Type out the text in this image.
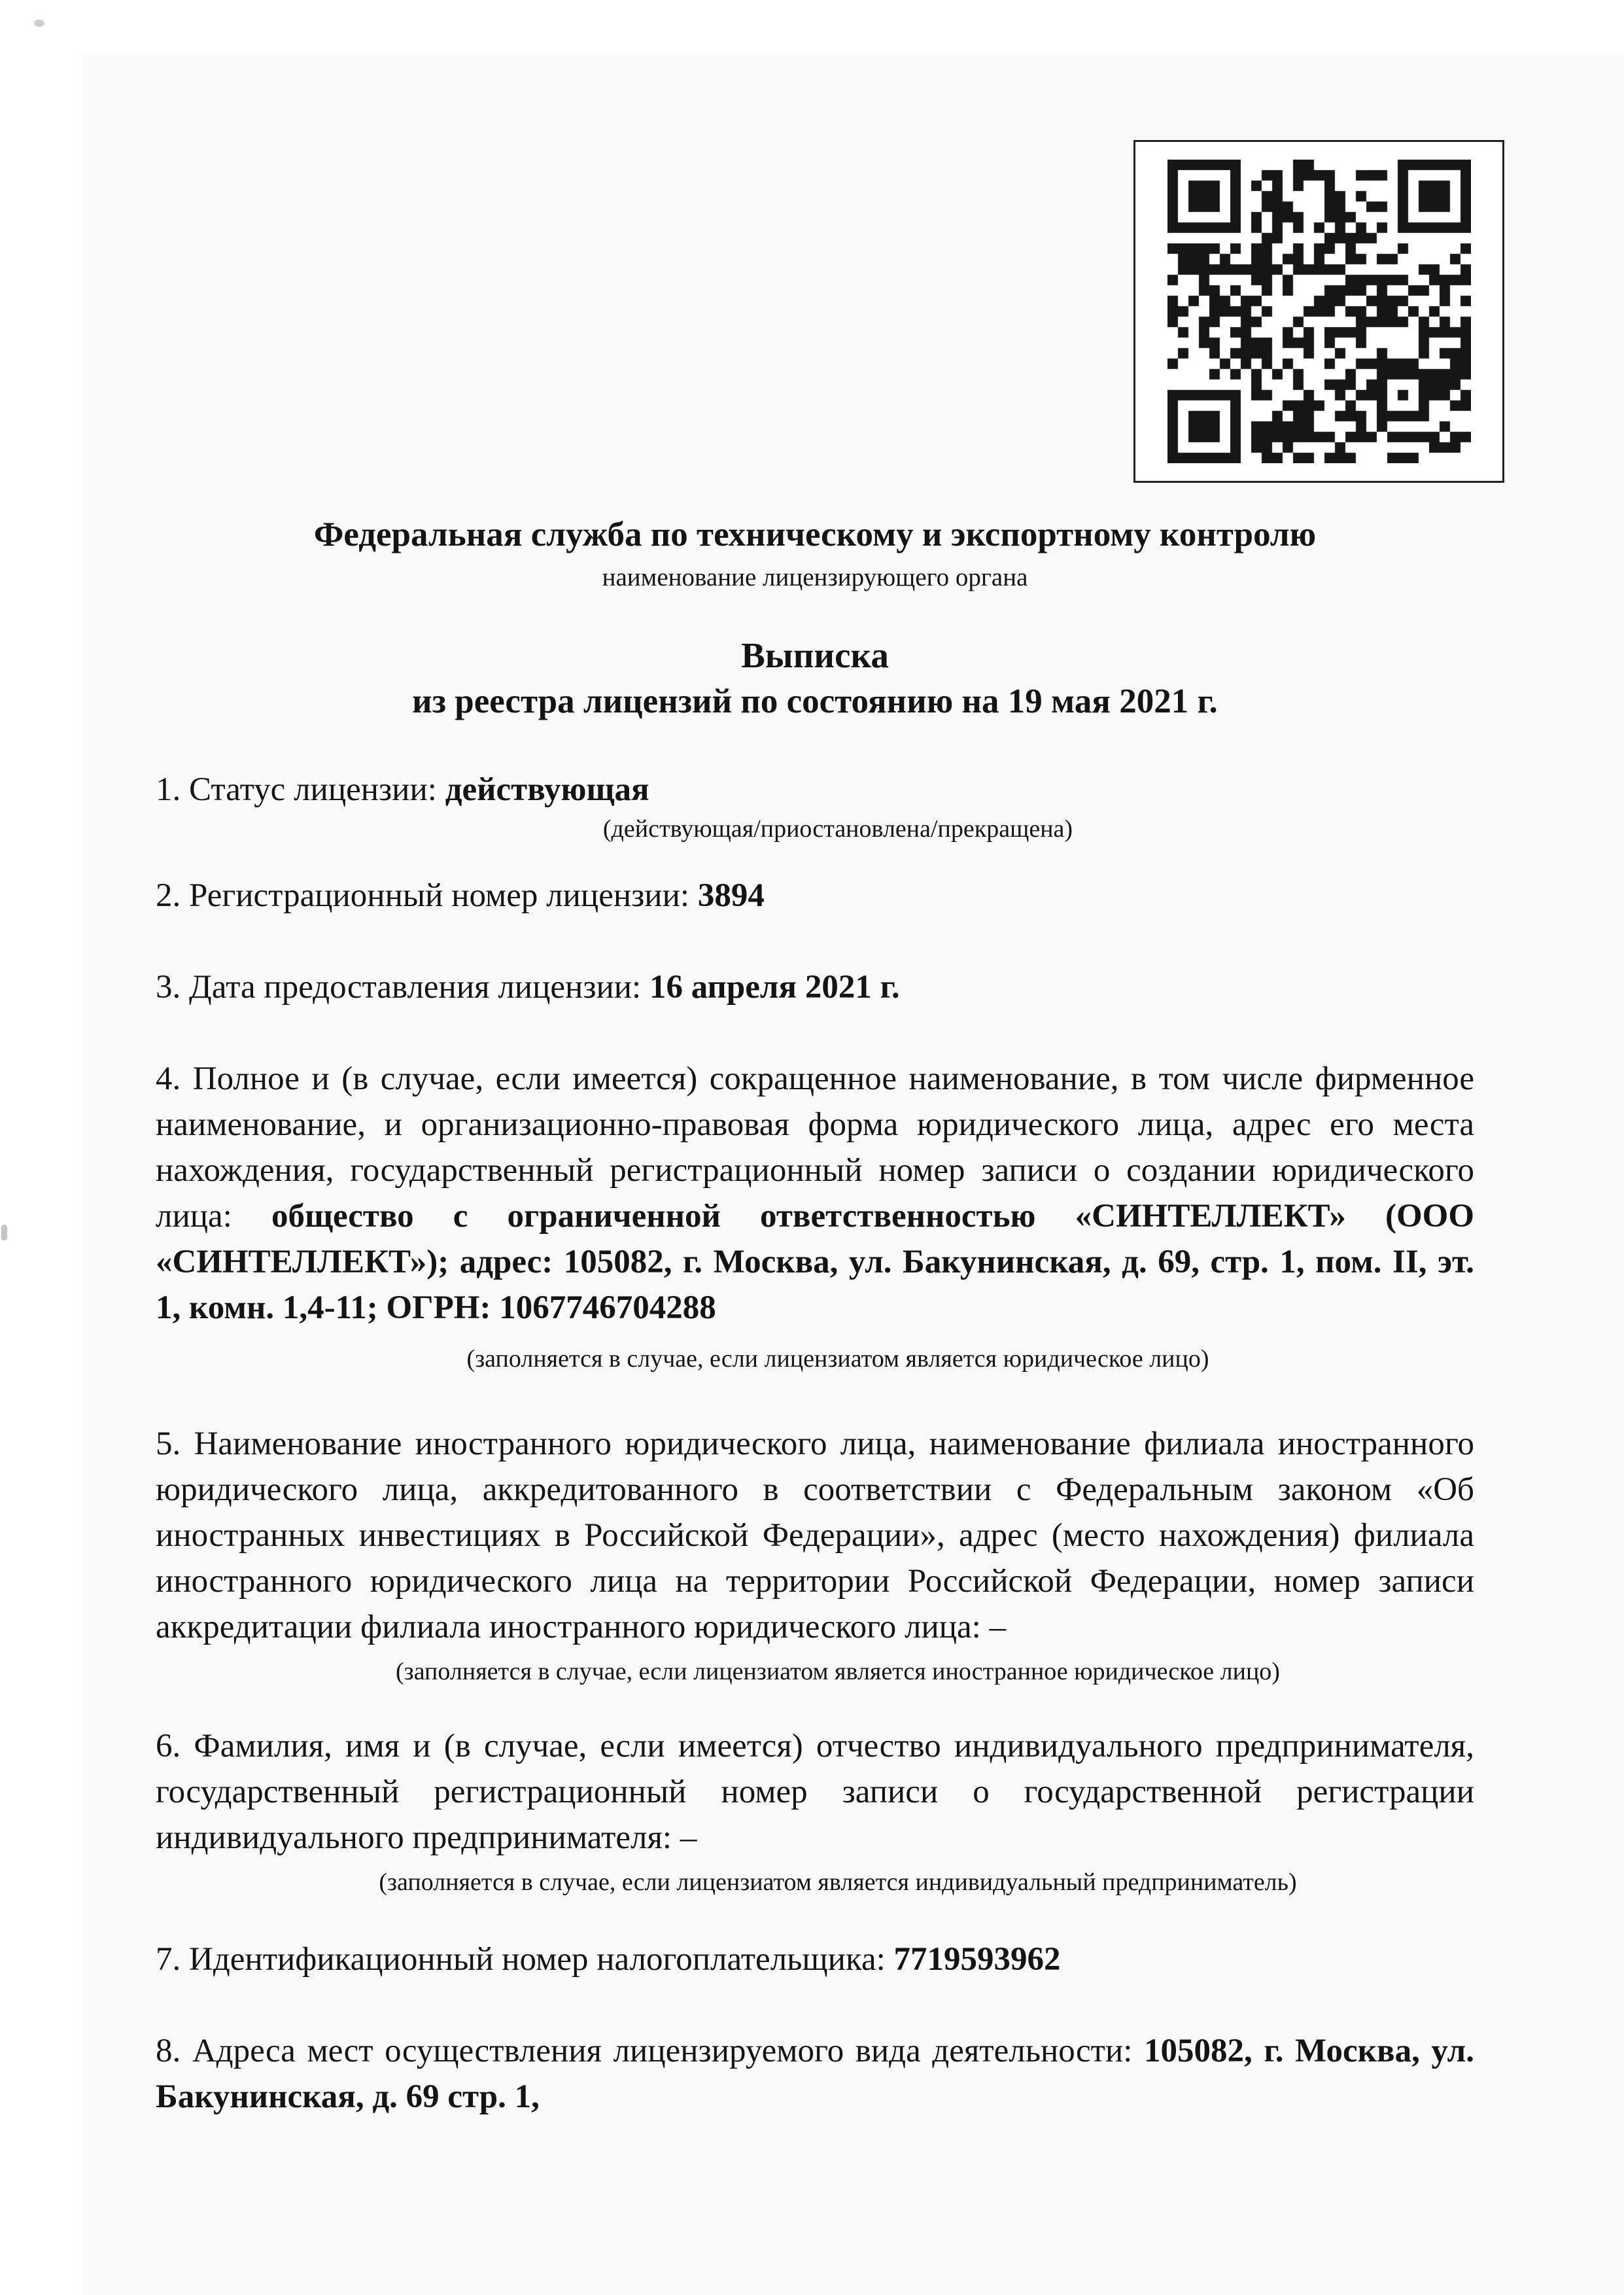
Федеральная служба по техническому и экспортному контролю
наименование лицензирующего органа
Выписка
из реестра лицензий по состоянию на 19 мая 2021 г.

1. Статус лицензии: действующая

(действующая/приостановлена/прекращена)

2. Регистрационный номер лицензии: 3894

3. Дата предоставления лицензии: 16 апреля 2021 г.

4. Полное и (в случае, если имеется) сокращенное наименование, в том числе фирменное наименование, и организационно-правовая форма юридического лица, адрес его места нахождения, государственный регистрационный номер записи о создании юридического лица: общество с ограниченной ответственностью «СИНТЕЛЛЕКТ» (ООО «СИНТЕЛЛЕКТ»); адрес: 105082, г. Москва, ул. Бакунинская, д. 69, стр. 1, пом. II, эт. 1, комн. 1,4-11; ОГРН: 1067746704288

(заполняется в случае, если лицензиатом является юридическое лицо)

5. Наименование иностранного юридического лица, наименование филиала иностранного юридического лица, аккредитованного в соответствии с Федеральным законом «Об иностранных инвестициях в Российской Федерации», адрес (место нахождения) филиала иностранного юридического лица на территории Российской Федерации, номер записи аккредитации филиала иностранного юридического лица: –

(заполняется в случае, если лицензиатом является иностранное юридическое лицо)

6. Фамилия, имя и (в случае, если имеется) отчество индивидуального предпринимателя, государственный регистрационный номер записи о государственной регистрации индивидуального предпринимателя: –

(заполняется в случае, если лицензиатом является индивидуальный предприниматель)

7. Идентификационный номер налогоплательщика: 7719593962

8. Адреса мест осуществления лицензируемого вида деятельности: 105082, г. Москва, ул. Бакунинская, д. 69 стр. 1,
